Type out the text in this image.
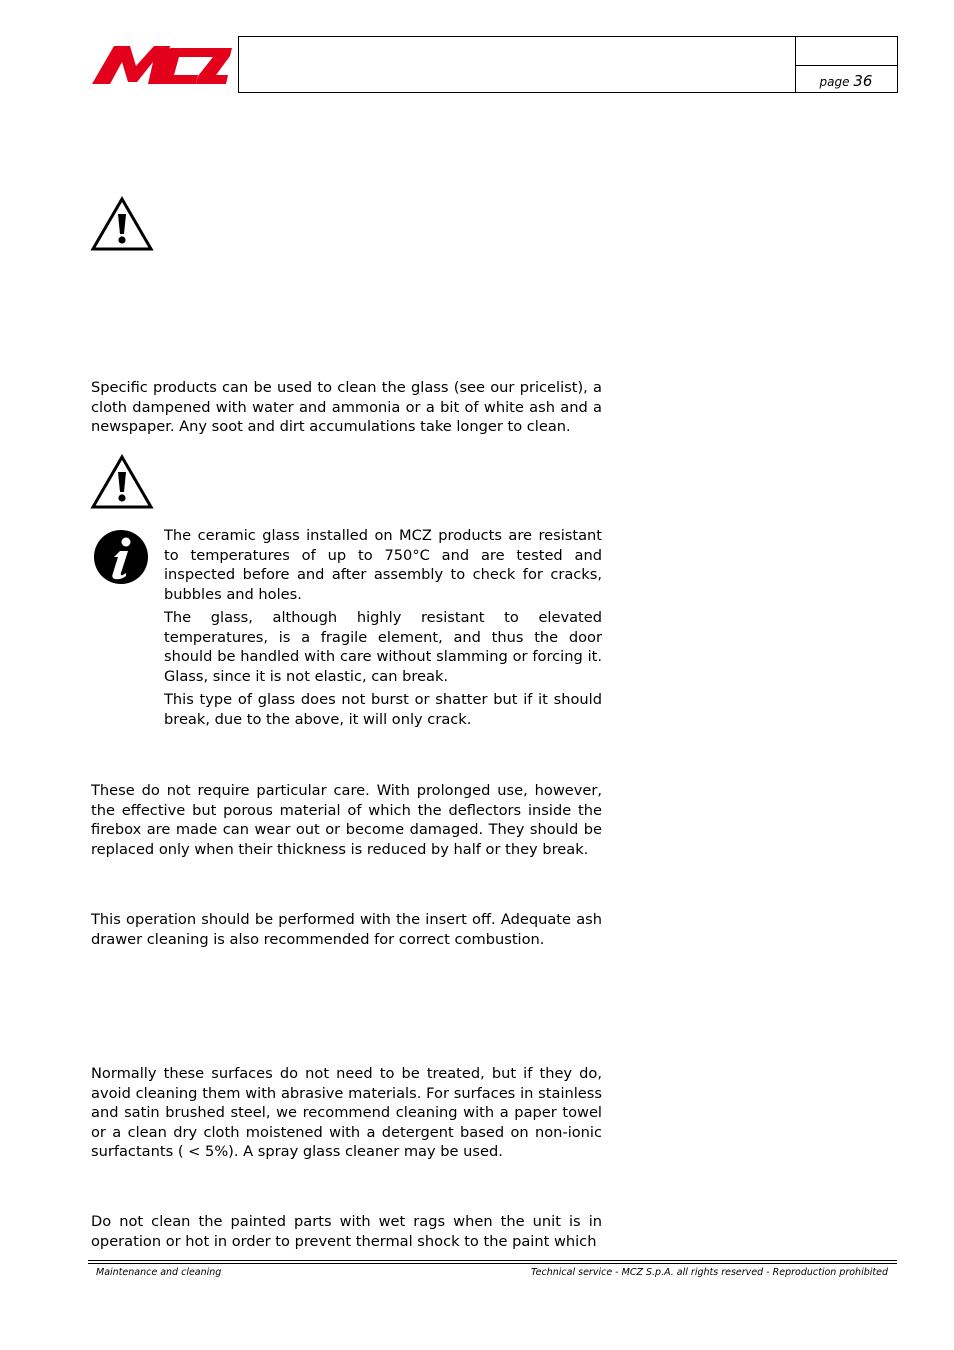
page 36

Specific products can be used to clean the glass (see our pricelist), a cloth dampened with water and ammonia or a bit of white ash and a newspaper. Any soot and dirt accumulations take longer to clean.

The ceramic glass installed on MCZ products are resistant to temperatures of up to 750°C and are tested and inspected before and after assembly to check for cracks, bubbles and holes.

The glass, although highly resistant to elevated temperatures, is a fragile element, and thus the door should be handled with care without slamming or forcing it. Glass, since it is not elastic, can break.

This type of glass does not burst or shatter but if it should break, due to the above, it will only crack.

These do not require particular care. With prolonged use, however, the effective but porous material of which the deflectors inside the firebox are made can wear out or become damaged. They should be replaced only when their thickness is reduced by half or they break.

This operation should be performed with the insert off. Adequate ash drawer cleaning is also recommended for correct combustion.

Normally these surfaces do not need to be treated, but if they do, avoid cleaning them with abrasive materials. For surfaces in stainless and satin brushed steel, we recommend cleaning with a paper towel or a clean dry cloth moistened with a detergent based on non-ionic surfactants ( < 5%). A spray glass cleaner may be used.

Do not clean the painted parts with wet rags when the unit is in operation or hot in order to prevent thermal shock to the paint which

Maintenance and cleaning	Technical service - MCZ S.p.A. all rights reserved - Reproduction prohibited
